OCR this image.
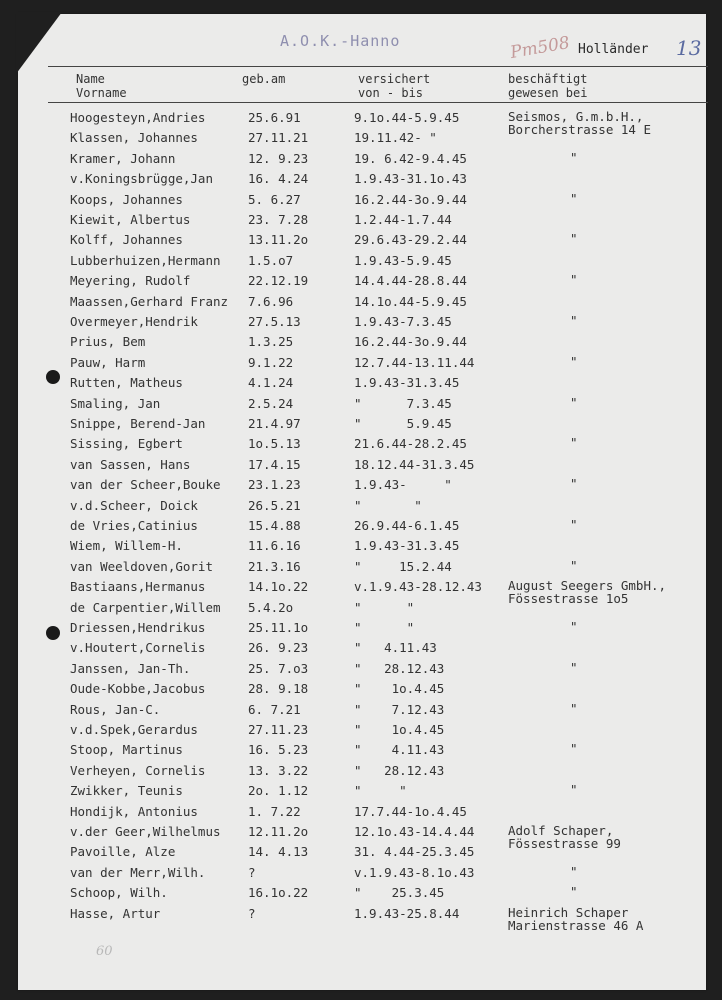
A.O.K.-Hanno	Pm508 Holländer 13
Name
Vorname
geb.am	versichert
von - bis
beschäftigt
gewesen bei
Hoogesteyn,Andries	25.6.91	9.1o.44-5.9.45	Seismos, G.m.b.H.,
Borcherstrasse 14 E
Klassen, Johannes	27.11.21	19.11.42- "
Kramer, Johann	12. 9.23	19. 6.42-9.4.45	"
v.Koningsbrügge,Jan	16. 4.24	1.9.43-31.1o.43
Koops, Johannes	5. 6.27	16.2.44-3o.9.44	"
Kiewit, Albertus	23. 7.28	1.2.44-1.7.44
Kolff, Johannes	13.11.2o	29.6.43-29.2.44	"
Lubberhuizen,Hermann 1.5.o7	1.9.43-5.9.45
Meyering, Rudolf	22.12.19	14.4.44-28.8.44	"
Maassen,Gerhard Franz 7.6.96	14.1o.44-5.9.45
Overmeyer,Hendrik	27.5.13	1.9.43-7.3.45	"
Prius, Bem	1.3.25	16.2.44-3o.9.44
Pauw, Harm	9.1.22	12.7.44-13.11.44	"
Rutten, Matheus	4.1.24	1.9.43-31.3.45
Smaling, Jan	2.5.24	"      7.3.45	"
Snippe, Berend-Jan	21.4.97	"      5.9.45
Sissing, Egbert	1o.5.13	21.6.44-28.2.45	"
van Sassen, Hans	17.4.15	18.12.44-31.3.45
van der Scheer,Bouke 23.1.23	1.9.43-     "	"
v.d.Scheer, Doick	26.5.21	"       "
de Vries,Catinius	15.4.88	26.9.44-6.1.45	"
Wiem, Willem-H.	11.6.16	1.9.43-31.3.45
van Weeldoven,Gorit	21.3.16	"     15.2.44	"
Bastiaans,Hermanus	14.1o.22	v.1.9.43-28.12.43 August Seegers GmbH.,
Fössestrasse 1o5
de Carpentier,Willem 5.4.2o	"      "
Driessen,Hendrikus	25.11.1o	"      "	"
v.Houtert,Cornelis	26. 9.23	"   4.11.43
Janssen, Jan-Th.	25. 7.o3	"   28.12.43	"
Oude-Kobbe,Jacobus	28. 9.18	"    1o.4.45
Rous, Jan-C.	6. 7.21	"    7.12.43	"
v.d.Spek,Gerardus	27.11.23	"    1o.4.45
Stoop, Martinus	16. 5.23	"    4.11.43	"
Verheyen, Cornelis	13. 3.22	"   28.12.43
Zwikker, Teunis	2o. 1.12	"     "	"
Hondijk, Antonius	1. 7.22	17.7.44-1o.4.45
v.der Geer,Wilhelmus 12.11.2o	12.1o.43-14.4.44	Adolf Schaper,
Fössestrasse 99
Pavoille, Alze	14. 4.13	31. 4.44-25.3.45
van der Merr,Wilh.	?	v.1.9.43-8.1o.43	"
Schoop, Wilh.	16.1o.22	"    25.3.45	"
Hasse, Artur	?	1.9.43-25.8.44	Heinrich Schaper
Marienstrasse 46 A
60
